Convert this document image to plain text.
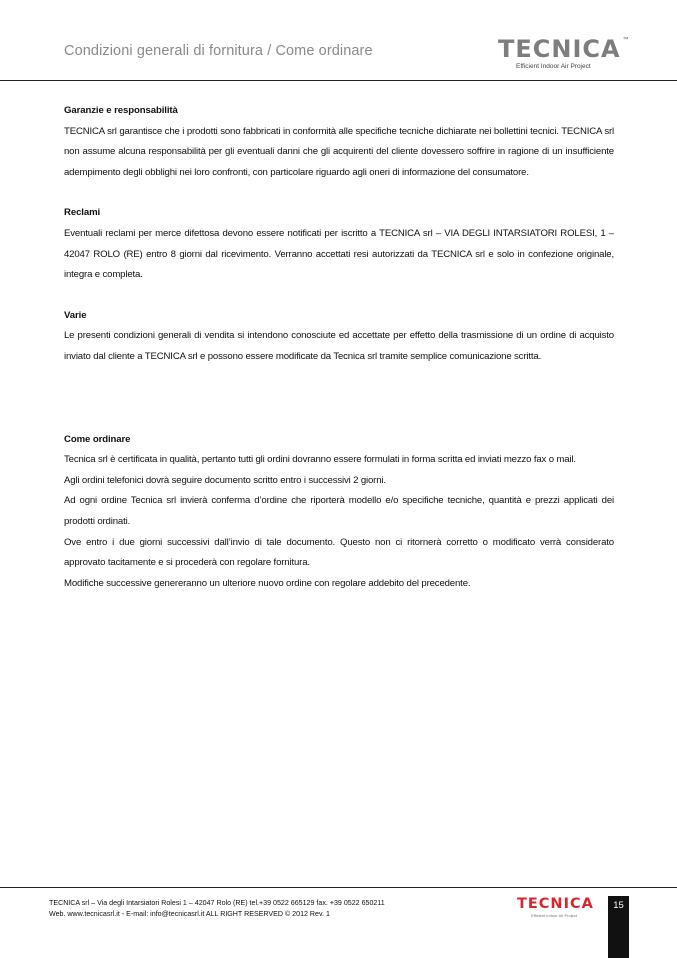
Condizioni generali di fornitura / Come ordinare	TECNICA ™
Efficient Indoor Air Project
Garanzie e responsabilità

TECNICA srl garantisce che i prodotti sono fabbricati in conformità alle specifiche tecniche dichiarate nei bollettini tecnici. TECNICA srl non assume alcuna responsabilità per gli eventuali danni che gli acquirenti del cliente dovessero soffrire in ragione di un insufficiente adempimento degli obblighi nei loro confronti, con particolare riguardo agli oneri di informazione del consumatore.

Reclami

Eventuali reclami per merce difettosa devono essere notificati per iscritto a TECNICA srl – VIA DEGLI INTARSIATORI ROLESI, 1 – 42047 ROLO (RE) entro 8 giorni dal ricevimento. Verranno accettati resi autorizzati da TECNICA srl e solo in confezione originale, integra e completa.

Varie

Le presenti condizioni generali di vendita si intendono conosciute ed accettate per effetto della trasmissione di un ordine di acquisto inviato dal cliente a TECNICA srl e possono essere modificate da Tecnica srl tramite semplice comunicazione scritta.

Come ordinare

Tecnica srl è certificata in qualità, pertanto tutti gli ordini dovranno essere formulati in forma scritta ed inviati mezzo fax o mail.

Agli ordini telefonici dovrà seguire documento scritto entro i successivi 2 giorni.

Ad ogni ordine Tecnica srl invierà conferma d’ordine che riporterà modello e/o specifiche tecniche, quantità e prezzi applicati dei prodotti ordinati.

Ove entro i due giorni successivi dall’invio di tale documento. Questo non ci ritornerà corretto o modificato verrà considerato approvato tacitamente e si procederà con regolare fornitura.

Modifiche successive genereranno un ulteriore nuovo ordine con regolare addebito del precedente.

TECNICA srl – Via degli Intarsiatori Rolesi 1 – 42047 Rolo (RE) tel.+39 0522 665129 fax. +39 0522 650211
Web. www.tecnicasrl.it - E-mail: info@tecnicasrl.it ALL RIGHT RESERVED © 2012 Rev. 1
TECNICA
Efficient Indoor Air Project
15
